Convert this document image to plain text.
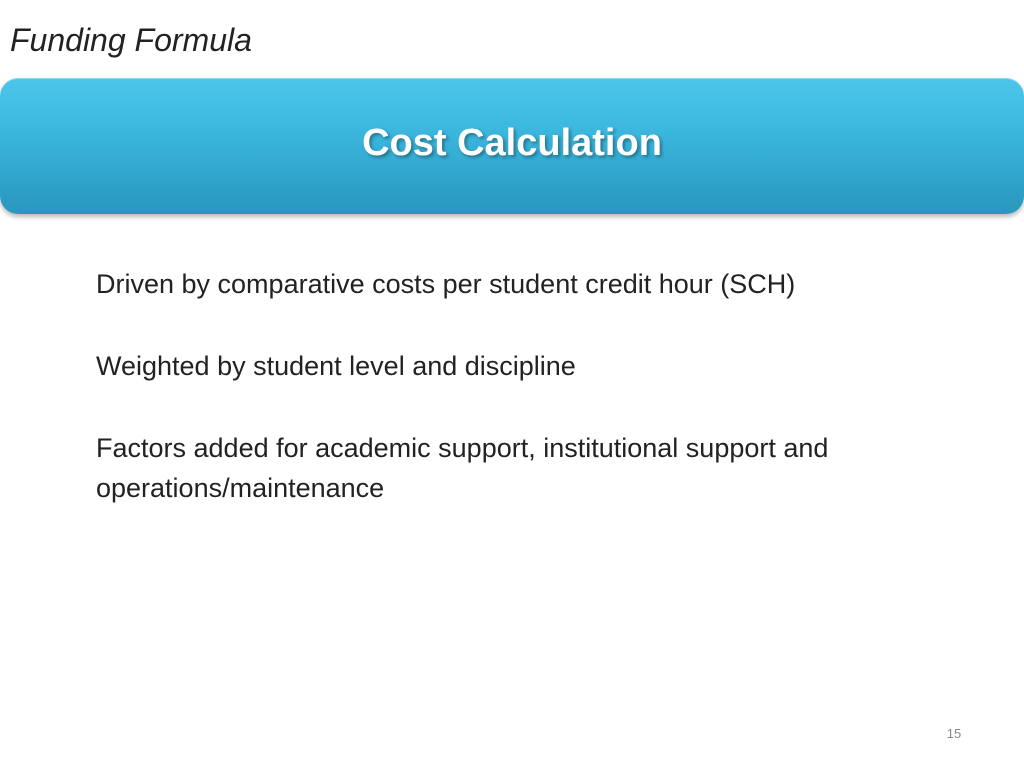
Funding Formula
Cost Calculation

Driven by comparative costs per student credit hour (SCH)

Weighted by student level and discipline

Factors added for academic support, institutional support and operations/maintenance

15
